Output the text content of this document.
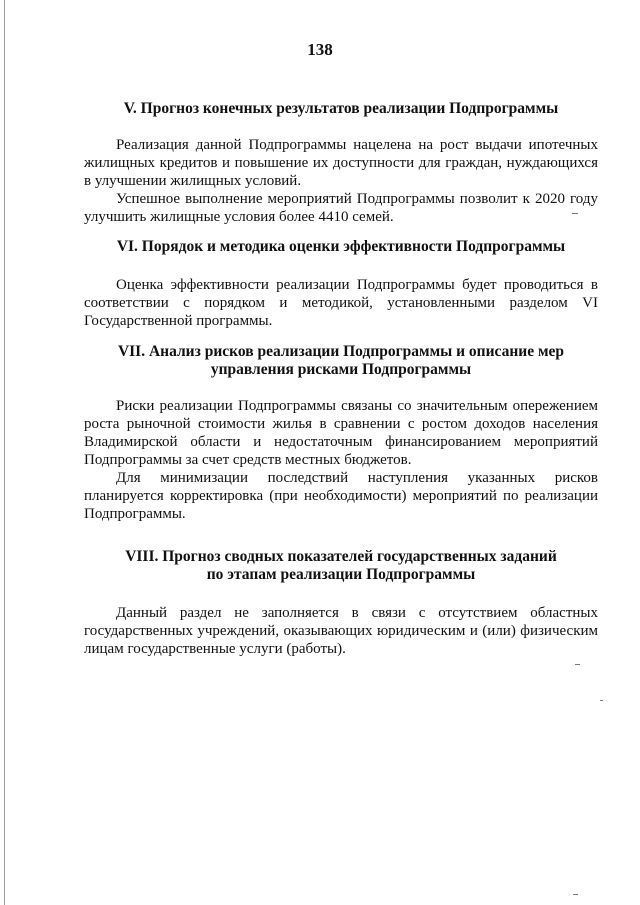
138
V. Прогноз конечных результатов реализации Подпрограммы

Реализация данной Подпрограммы нацелена на рост выдачи ипотечных жилищных кредитов и повышение их доступности для граждан, нуждающихся в улучшении жилищных условий.

Успешное выполнение мероприятий Подпрограммы позволит к 2020 году улучшить жилищные условия более 4410 семей.

VI. Порядок и методика оценки эффективности Подпрограммы

Оценка эффективности реализации Подпрограммы будет проводиться в соответствии с порядком и методикой, установленными разделом VI Государственной программы.

VII. Анализ рисков реализации Подпрограммы и описание мер управления рисками Подпрограммы

Риски реализации Подпрограммы связаны со значительным опережением роста рыночной стоимости жилья в сравнении с ростом доходов населения Владимирской области и недостаточным финансированием мероприятий Подпрограммы за счет средств местных бюджетов.

Для минимизации последствий наступления указанных рисков планируется корректировка (при необходимости) мероприятий по реализации Подпрограммы.

VIII. Прогноз сводных показателей государственных заданий по этапам реализации Подпрограммы

Данный раздел не заполняется в связи с отсутствием областных государственных учреждений, оказывающих юридическим и (или) физическим лицам государственные услуги (работы).
